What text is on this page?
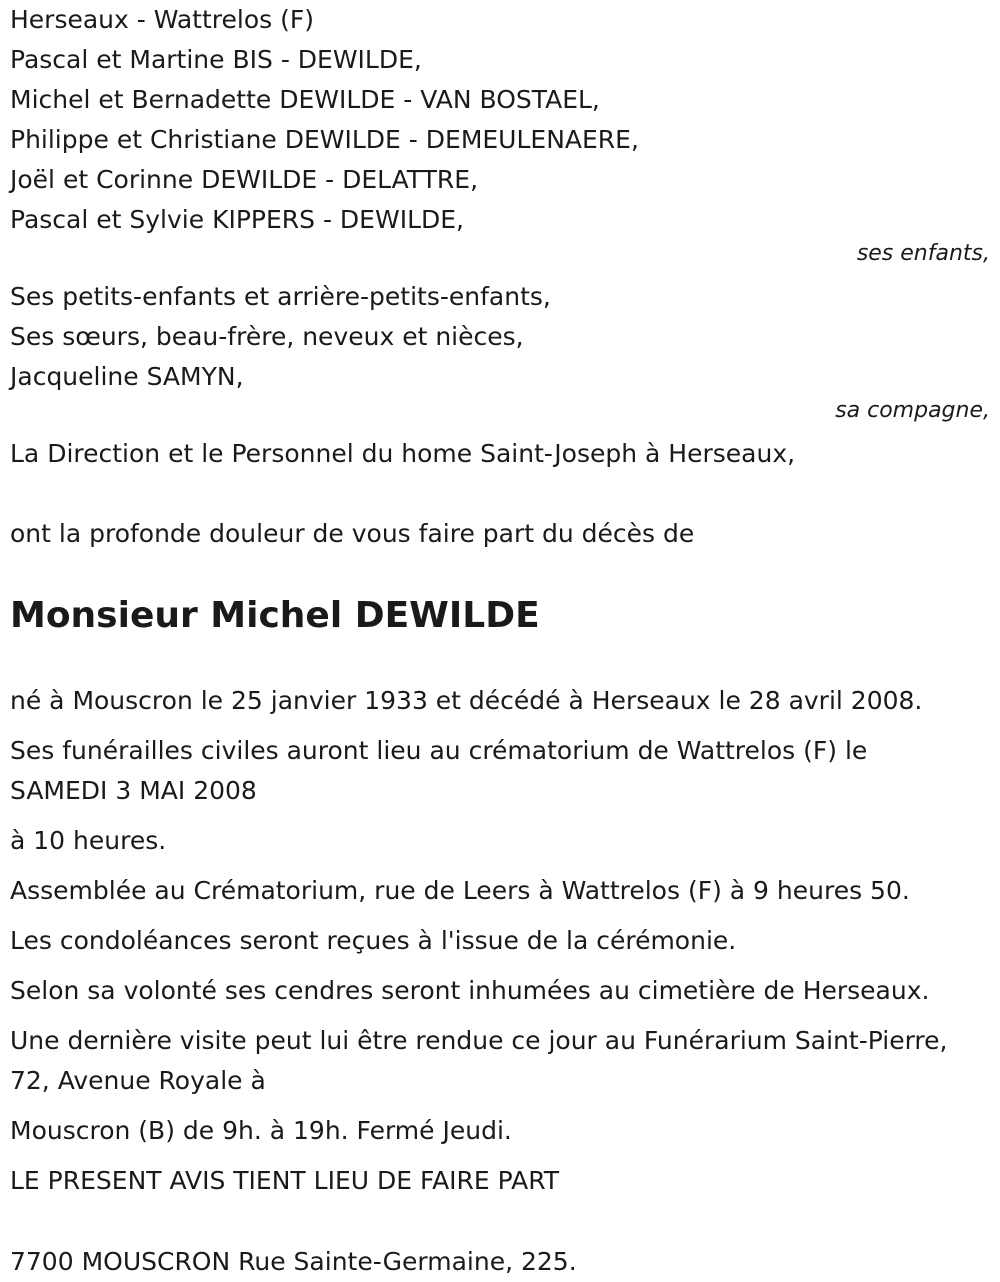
Herseaux - Wattrelos (F)

Pascal et Martine BIS - DEWILDE,

Michel et Bernadette DEWILDE - VAN BOSTAEL,

Philippe et Christiane DEWILDE - DEMEULENAERE,

Joël et Corinne DEWILDE - DELATTRE,

Pascal et Sylvie KIPPERS - DEWILDE,

ses enfants,

Ses petits-enfants et arrière-petits-enfants,

Ses sœurs, beau-frère, neveux et nièces,

Jacqueline SAMYN,

sa compagne,

La Direction et le Personnel du home Saint-Joseph à Herseaux,

ont la profonde douleur de vous faire part du décès de

Monsieur Michel DEWILDE

né à Mouscron le 25 janvier 1933 et décédé à Herseaux le 28 avril 2008.

Ses funérailles civiles auront lieu au crématorium de Wattrelos (F) le SAMEDI 3 MAI 2008

à 10 heures.

Assemblée au Crématorium, rue de Leers à Wattrelos (F) à 9 heures 50.

Les condoléances seront reçues à l'issue de la cérémonie.

Selon sa volonté ses cendres seront inhumées au cimetière de Herseaux.

Une dernière visite peut lui être rendue ce jour au Funérarium Saint-Pierre, 72, Avenue Royale à

Mouscron (B) de 9h. à 19h. Fermé Jeudi.

LE PRESENT AVIS TIENT LIEU DE FAIRE PART

7700 MOUSCRON Rue Sainte-Germaine, 225.
